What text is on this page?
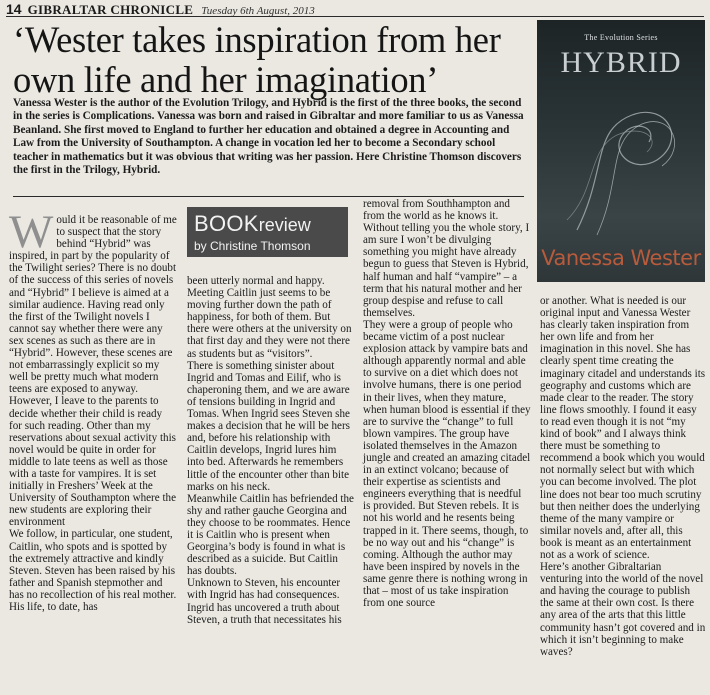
14 GIBRALTAR CHRONICLE Tuesday 6th August, 2013
‘Wester takes inspiration from her own life and her imagination’

Vanessa Wester is the author of the Evolution Trilogy, and Hybrid is the first of the three books, the second in the series is Complications. Vanessa was born and raised in Gibraltar and more familiar to us as Vanessa Beanland. She first moved to England to further her education and obtained a degree in Accounting and Law from the University of Southampton. A change in vocation led her to become a Secondary school teacher in mathematics but it was obvious that writing was her passion. Here Christine Thomson discovers the first in the Trilogy, Hybrid.

The Evolution Series
HYBRID
Vanessa Wester
BOOKreview
by Christine Thomson
W ould it be reasonable of me to suspect that the story behind “Hybrid” was inspired, in part by the popularity of the Twilight series? There is no doubt of the success of this series of novels and “Hybrid” I believe is aimed at a similar audience. Having read only the first of the Twilight novels I cannot say whether there were any sex scenes as such as there are in “Hybrid”. However, these scenes are not embarrassingly explicit so my well be pretty much what modern teens are exposed to anyway. However, I leave to the parents to decide whether their child is ready for such reading. Other than my reservations about sexual activity this novel would be quite in order for middle to late teens as well as those with a taste for vampires. It is set initially in Freshers’ Week at the University of Southampton where the new students are exploring their environment

We follow, in particular, one student, Caitlin, who spots and is spotted by the extremely attractive and kindly Steven. Steven has been raised by his father and Spanish stepmother and has no recollection of his real mother. His life, to date, has

been utterly normal and happy. Meeting Caitlin just seems to be moving further down the path of happiness, for both of them. But there were others at the university on that first day and they were not there as students but as “visitors”.

There is something sinister about Ingrid and Tomas and Eilif, who is chaperoning them, and we are aware of tensions building in Ingrid and Tomas. When Ingrid sees Steven she makes a decision that he will be hers and, before his relationship with Caitlin develops, Ingrid lures him into bed. Afterwards he remembers little of the encounter other than bite marks on his neck.

Meanwhile Caitlin has befriended the shy and rather gauche Georgina and they choose to be roommates. Hence it is Caitlin who is present when Georgina’s body is found in what is described as a suicide. But Caitlin has doubts.

Unknown to Steven, his encounter with Ingrid has had consequences. Ingrid has uncovered a truth about Steven, a truth that necessitates his

removal from Southhampton and from the world as he knows it. Without telling you the whole story, I am sure I won’t be divulging something you might have already begun to guess that Steven is Hybrid, half human and half “vampire” – a term that his natural mother and her group despise and refuse to call themselves.

They were a group of people who became victim of a post nuclear explosion attack by vampire bats and although apparently normal and able to survive on a diet which does not involve humans, there is one period in their lives, when they mature, when human blood is essential if they are to survive the “change” to full blown vampires. The group have isolated themselves in the Amazon jungle and created an amazing citadel in an extinct volcano; because of their expertise as scientists and engineers everything that is needful is provided. But Steven rebels. It is not his world and he resents being trapped in it. There seems, though, to be no way out and his “change” is coming. Although the author may have been inspired by novels in the same genre there is nothing wrong in that – most of us take inspiration from one source

or another. What is needed is our original input and Vanessa Wester has clearly taken inspiration from her own life and from her imagination in this novel. She has clearly spent time creating the imaginary citadel and understands its geography and customs which are made clear to the reader. The story line flows smoothly. I found it easy to read even though it is not “my kind of book” and I always think there must be something to recommend a book which you would not normally select but with which you can become involved. The plot line does not bear too much scrutiny but then neither does the underlying theme of the many vampire or similar novels and, after all, this book is meant as an entertainment not as a work of science.

Here’s another Gibraltarian venturing into the world of the novel and having the courage to publish the same at their own cost. Is there any area of the arts that this little community hasn’t got covered and in which it isn’t beginning to make waves?
